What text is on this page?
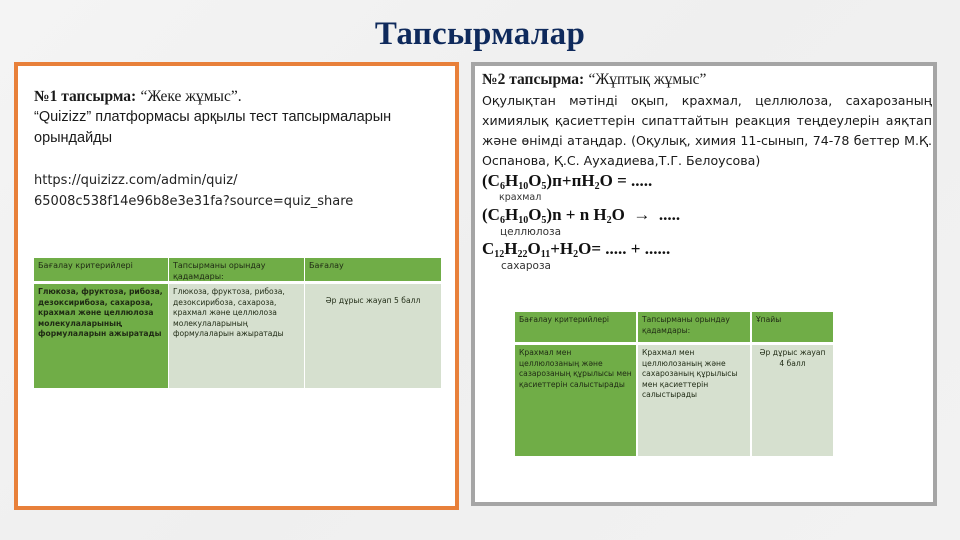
Тапсырмалар
№1 тапсырма: “Жеке жұмыс”.
“Quizizz” платформасы арқылы тест тапсырмаларын
орындайды
https://quizizz.com/admin/quiz/
65008c538f14e96b8e3e31fa?source=quiz_share
Бағалау критерийлері	Тапсырманы орындау қадамдары:
Бағалау
Глюкоза, фруктоза, рибоза, дезоксирибоза, сахароза, крахмал және целлюлоза молекулаларының формулаларын ажыратады
Глюкоза, фруктоза, рибоза, дезоксирибоза, сахароза, крахмал және целлюлоза молекулаларының формулаларын ажыратады
Әр дұрыс жауап 5 балл
№2 тапсырма: “Жұптық жұмыс”
Оқулықтан мәтінді оқып, крахмал, целлюлоза, сахарозаның химиялық қасиеттерін сипаттайтын реакция теңдеулерін аяқтап және өнімді атаңдар. (Оқулық, химия 11-сынып, 74-78 беттер М.Қ. Оспанова, Қ.С. Аухадиева,Т.Г. Белоусова)
$(C_6H_{10}O_5)п+пH_2O$ = .....
крахмал
$(C_6H_{10}O_5)n + n$ $H_2O$  →  .....
целлюлоза
$C_{12}H_{22}O_{11}+H_2O=$ ..... + ......
сахароза
Бағалау критерийлері	Тапсырманы орындау қадамдары:
Ұпайы
Крахмал мен целлюлозаның және сазарозаның құрылысы мен қасиеттерін салыстырады
Крахмал мен целлюлозаның және сахарозаның құрылысы мен қасиеттерін салыстырады
Әр дұрыс жауап 4 балл
